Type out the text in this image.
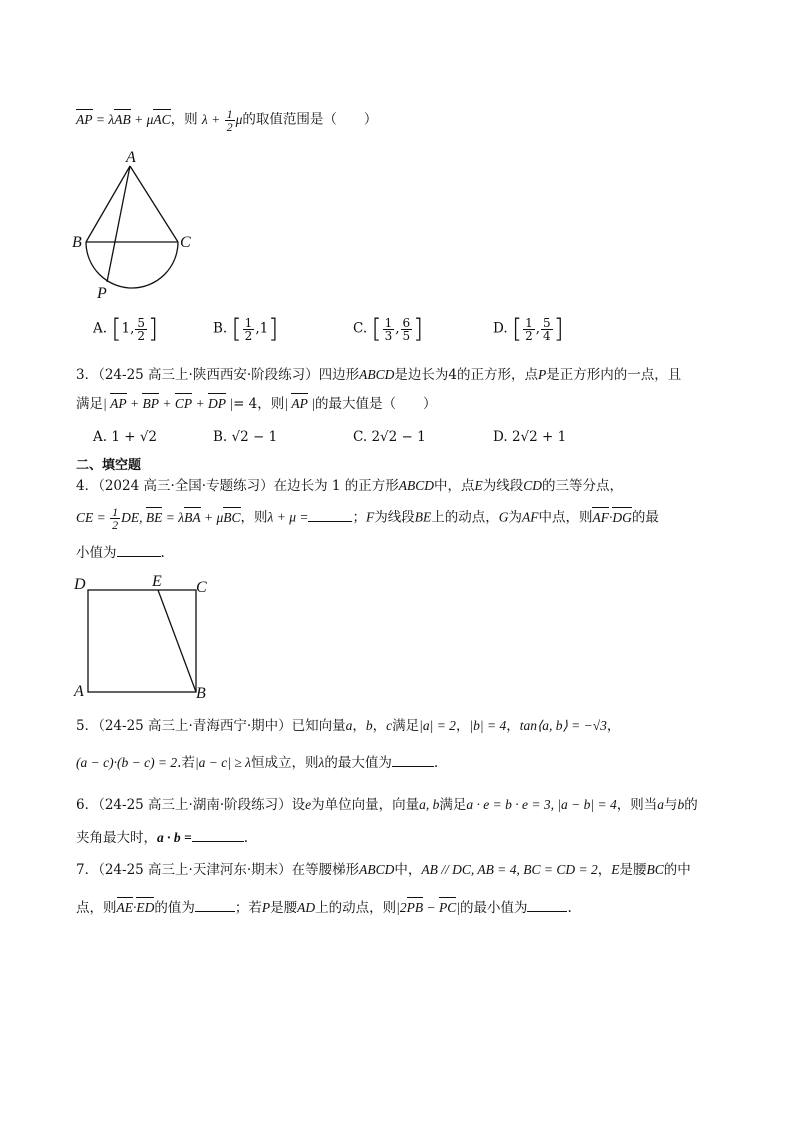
AP = λAB + μAC，则 $\lambda + \frac{1}{2}$ μ的取值范围是（　　）
A
B	C
P
A. [1, $\frac{5}{2}$ ]	B. [ $\frac{1}{2} ,1$]	C. [ $\frac{1}{3}$ , $\frac{6}{5}$ ]	D. [ $\frac{1}{2}$ , $\frac{5}{4}$ ]
3．（24-25 高三上·陕西西安·阶段练习）四边形ABCD是边长为4的正方形，点P是正方形内的一点，且
满足| AP + BP + CP + DP |= 4，则| AP |的最大值是（　　）
A. 1 + √2	B. √2 − 1	C. 2√2 − 1	D. 2√2 + 1
二、填空题
4．（2024 高三·全国·专题练习）在边长为 1 的正方形ABCD中，点E为线段CD的三等分点，
CE = $\frac{1}{2}$ DE, BE = λBA + μBC，则λ + μ =	；F为线段BE上的动点，G为AF中点，则AF·DG的最
小值为	.
D	E C
A	B
5．（24-25 高三上·青海西宁·期中）已知向量a，b，c满足|a| = 2，|b| = 4，tan⟨a, b⟩ = −√3，
(a − c)·(b − c) = 2.若|a − c| ≥ λ恒成立，则λ的最大值为	.
6．（24-25 高三上·湖南·阶段练习）设e为单位向量，向量a, b满足a · e = b · e = 3, |a − b| = 4，则当a与b的
夹角最大时，a · b =	.
7．（24-25 高三上·天津河东·期末）在等腰梯形ABCD中，AB // DC, AB = 4, BC = CD = 2，E是腰BC的中
点，则AE·ED的值为	；若P是腰AD上的动点，则|2PB − PC|的最小值为	.
